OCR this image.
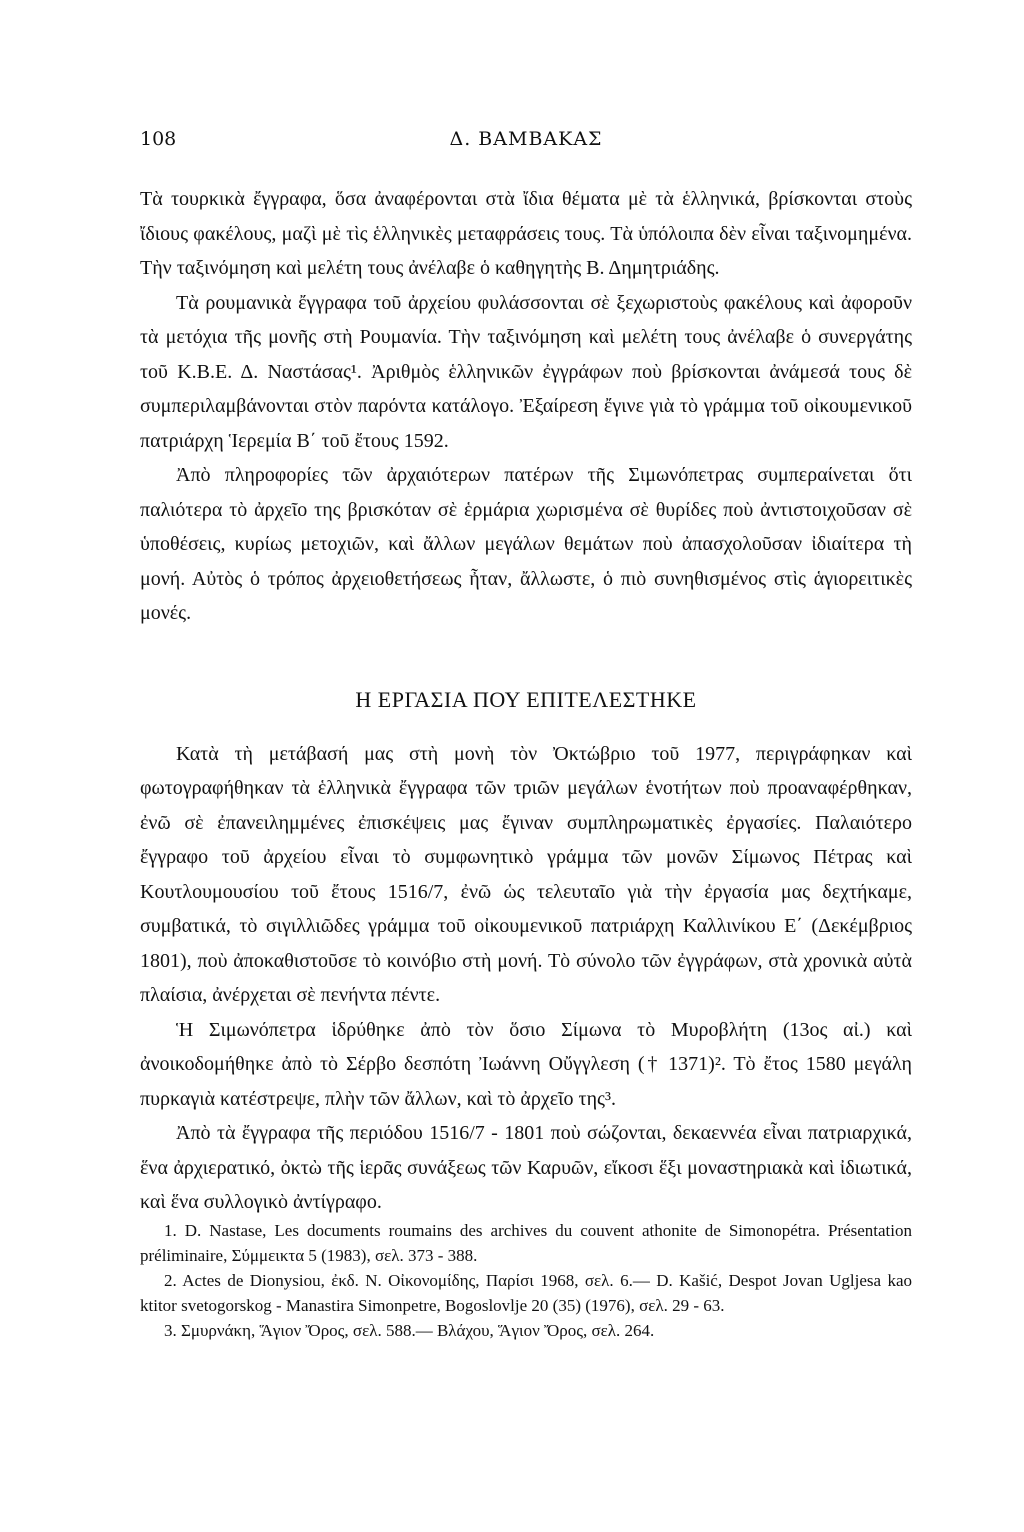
108	Δ. ΒΑΜΒΑΚΑΣ

Τὰ τουρκικὰ ἔγγραφα, ὅσα ἀναφέρονται στὰ ἴδια θέματα μὲ τὰ ἑλληνικά, βρίσκονται στοὺς ἴδιους φακέλους, μαζὶ μὲ τὶς ἑλληνικὲς μεταφράσεις τους. Τὰ ὑπόλοιπα δὲν εἶναι ταξινομημένα. Τὴν ταξινόμηση καὶ μελέτη τους ἀνέλαβε ὁ καθηγητὴς Β. Δημητριάδης.

Τὰ ρουμανικὰ ἔγγραφα τοῦ ἀρχείου φυλάσσονται σὲ ξεχωριστοὺς φακέλους καὶ ἀφοροῦν τὰ μετόχια τῆς μονῆς στὴ Ρουμανία. Τὴν ταξινόμηση καὶ μελέτη τους ἀνέλαβε ὁ συνεργάτης τοῦ Κ.Β.Ε. Δ. Ναστάσας¹. Ἀριθμὸς ἑλληνικῶν ἐγγράφων ποὺ βρίσκονται ἀνάμεσά τους δὲ συμπεριλαμβάνονται στὸν παρόντα κατάλογο. Ἐξαίρεση ἔγινε γιὰ τὸ γράμμα τοῦ οἰκουμενικοῦ πατριάρχη Ἱερεμία Β΄ τοῦ ἔτους 1592.

Ἀπὸ πληροφορίες τῶν ἀρχαιότερων πατέρων τῆς Σιμωνόπετρας συμπεραίνεται ὅτι παλιότερα τὸ ἀρχεῖο της βρισκόταν σὲ ἑρμάρια χωρισμένα σὲ θυρίδες ποὺ ἀντιστοιχοῦσαν σὲ ὑποθέσεις, κυρίως μετοχιῶν, καὶ ἄλλων μεγάλων θεμάτων ποὺ ἀπασχολοῦσαν ἰδιαίτερα τὴ μονή. Αὐτὸς ὁ τρόπος ἀρχειοθετήσεως ἦταν, ἄλλωστε, ὁ πιὸ συνηθισμένος στὶς ἁγιορειτικὲς μονές.

Η ΕΡΓΑΣΙΑ ΠΟΥ ΕΠΙΤΕΛΕΣΤΗΚΕ

Κατὰ τὴ μετάβασή μας στὴ μονὴ τὸν Ὀκτώβριο τοῦ 1977, περιγράφηκαν καὶ φωτογραφήθηκαν τὰ ἑλληνικὰ ἔγγραφα τῶν τριῶν μεγάλων ἑνοτήτων ποὺ προαναφέρθηκαν, ἐνῶ σὲ ἐπανειλημμένες ἐπισκέψεις μας ἔγιναν συμπληρωματικὲς ἐργασίες. Παλαιότερο ἔγγραφο τοῦ ἀρχείου εἶναι τὸ συμφωνητικὸ γράμμα τῶν μονῶν Σίμωνος Πέτρας καὶ Κουτλουμουσίου τοῦ ἔτους 1516/7, ἐνῶ ὡς τελευταῖο γιὰ τὴν ἐργασία μας δεχτήκαμε, συμβατικά, τὸ σιγιλλιῶδες γράμμα τοῦ οἰκουμενικοῦ πατριάρχη Καλλινίκου Ε΄ (Δεκέμβριος 1801), ποὺ ἀποκαθιστοῦσε τὸ κοινόβιο στὴ μονή. Τὸ σύνολο τῶν ἐγγράφων, στὰ χρονικὰ αὐτὰ πλαίσια, ἀνέρχεται σὲ πενήντα πέντε.

Ἡ Σιμωνόπετρα ἱδρύθηκε ἀπὸ τὸν ὅσιο Σίμωνα τὸ Μυροβλήτη (13ος αἰ.) καὶ ἀνοικοδομήθηκε ἀπὸ τὸ Σέρβο δεσπότη Ἰωάννη Οὔγγλεση († 1371)². Τὸ ἔτος 1580 μεγάλη πυρκαγιὰ κατέστρεψε, πλὴν τῶν ἄλλων, καὶ τὸ ἀρχεῖο της³.

Ἀπὸ τὰ ἔγγραφα τῆς περιόδου 1516/7 - 1801 ποὺ σώζονται, δεκαεννέα εἶναι πατριαρχικά, ἕνα ἀρχιερατικό, ὀκτὼ τῆς ἱερᾶς συνάξεως τῶν Καρυῶν, εἴκοσι ἕξι μοναστηριακὰ καὶ ἰδιωτικά, καὶ ἕνα συλλογικὸ ἀντίγραφο.

1. D. Nastase, Les documents roumains des archives du couvent athonite de Simonopétra. Présentation préliminaire, Σύμμεικτα 5 (1983), σελ. 373 - 388.

2. Actes de Dionysiou, ἐκδ. N. Οἰκονομίδης, Παρίσι 1968, σελ. 6.— D. Kašić, Despot Jovan Ugljesa kao ktitor svetogorskog - Manastira Simonpetre, Bogoslovlje 20 (35) (1976), σελ. 29 - 63.

3. Σμυρνάκη, Ἅγιον Ὄρος, σελ. 588.— Βλάχου, Ἅγιον Ὄρος, σελ. 264.
